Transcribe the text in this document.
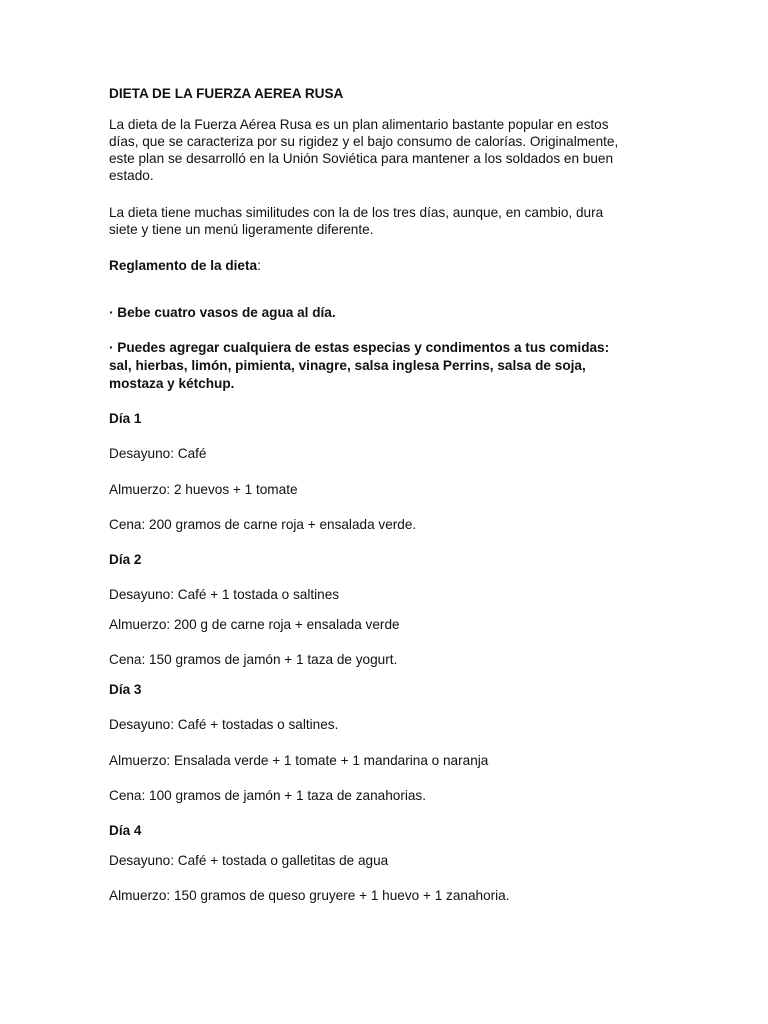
DIETA DE LA FUERZA AEREA RUSA
La dieta de la Fuerza Aérea Rusa es un plan alimentario bastante popular en estos
días, que se caracteriza por su rigidez y el bajo consumo de calorías. Originalmente,
este plan se desarrolló en la Unión Soviética para mantener a los soldados en buen
estado.
La dieta tiene muchas similitudes con la de los tres días, aunque, en cambio, dura
siete y tiene un menú ligeramente diferente.
Reglamento de la dieta:
· Bebe cuatro vasos de agua al día.
· Puedes agregar cualquiera de estas especias y condimentos a tus comidas:
sal, hierbas, limón, pimienta, vinagre, salsa inglesa Perrins, salsa de soja,
mostaza y kétchup.
Día 1
Desayuno: Café
Almuerzo: 2 huevos + 1 tomate
Cena: 200 gramos de carne roja + ensalada verde.
Día 2
Desayuno: Café + 1 tostada o saltines
Almuerzo: 200 g de carne roja + ensalada verde
Cena: 150 gramos de jamón + 1 taza de yogurt.
Día 3
Desayuno: Café + tostadas o saltines.
Almuerzo: Ensalada verde + 1 tomate + 1 mandarina o naranja
Cena: 100 gramos de jamón + 1 taza de zanahorias.
Día 4
Desayuno: Café + tostada o galletitas de agua
Almuerzo: 150 gramos de queso gruyere + 1 huevo + 1 zanahoria.
